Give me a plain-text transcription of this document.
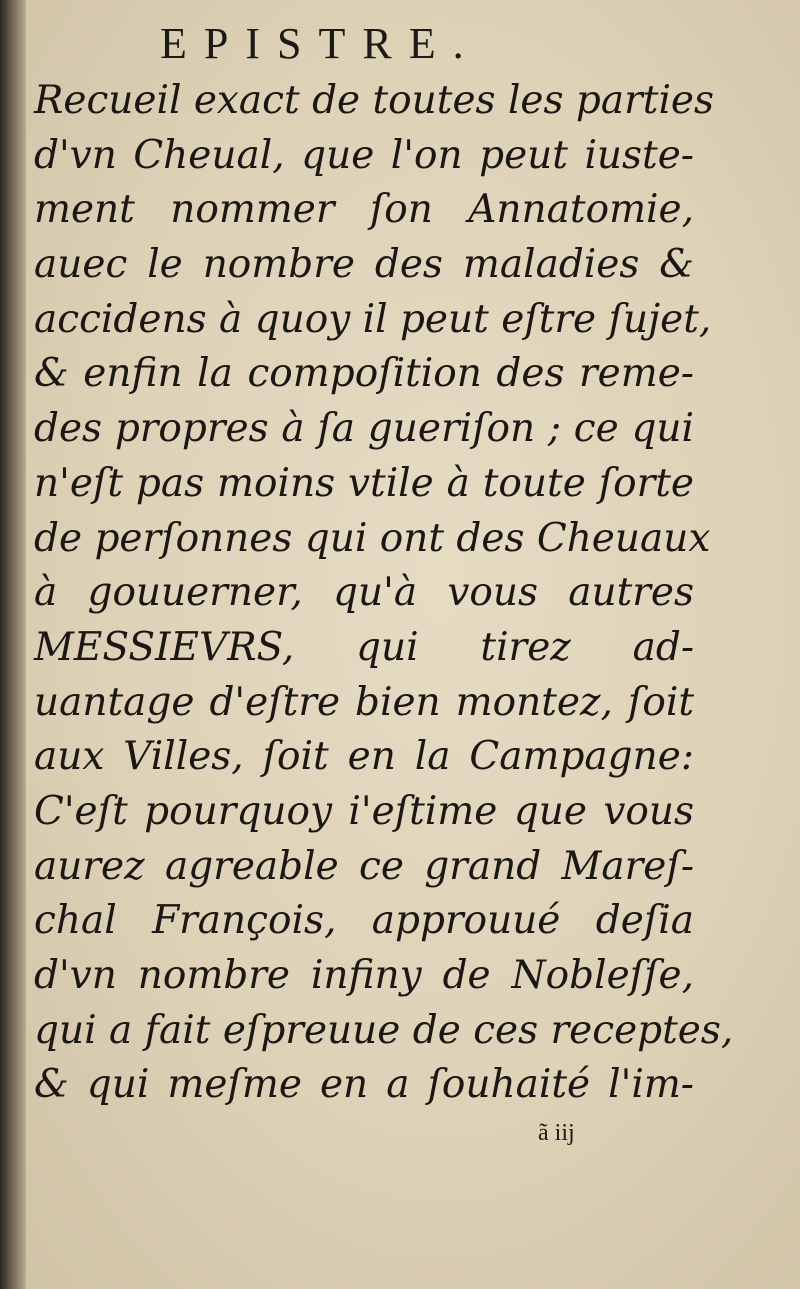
EPISTRE.
Recueil exact de toutes les parties
d'vn Cheual, que l'on peut iuste-
ment nommer ſon Annatomie,
auec le nombre des maladies &
accidens à quoy il peut eſtre ſujet,
& enfin la compoſition des reme-
des propres à ſa gueriſon ; ce qui
n'eſt pas moins vtile à toute ſorte
de perſonnes qui ont des Cheuaux
à gouuerner, qu'à vous autres
MESSIEVRS, qui tirez ad-
uantage d'eſtre bien montez, ſoit
aux Villes, ſoit en la Campagne:
C'eſt pourquoy i'eſtime que vous
aurez agreable ce grand Mareſ-
chal François, approuué deſia
d'vn nombre infiny de Nobleſſe,
qui a fait eſpreuue de ces receptes,
& qui meſme en a ſouhaité l'im-
ã iij
